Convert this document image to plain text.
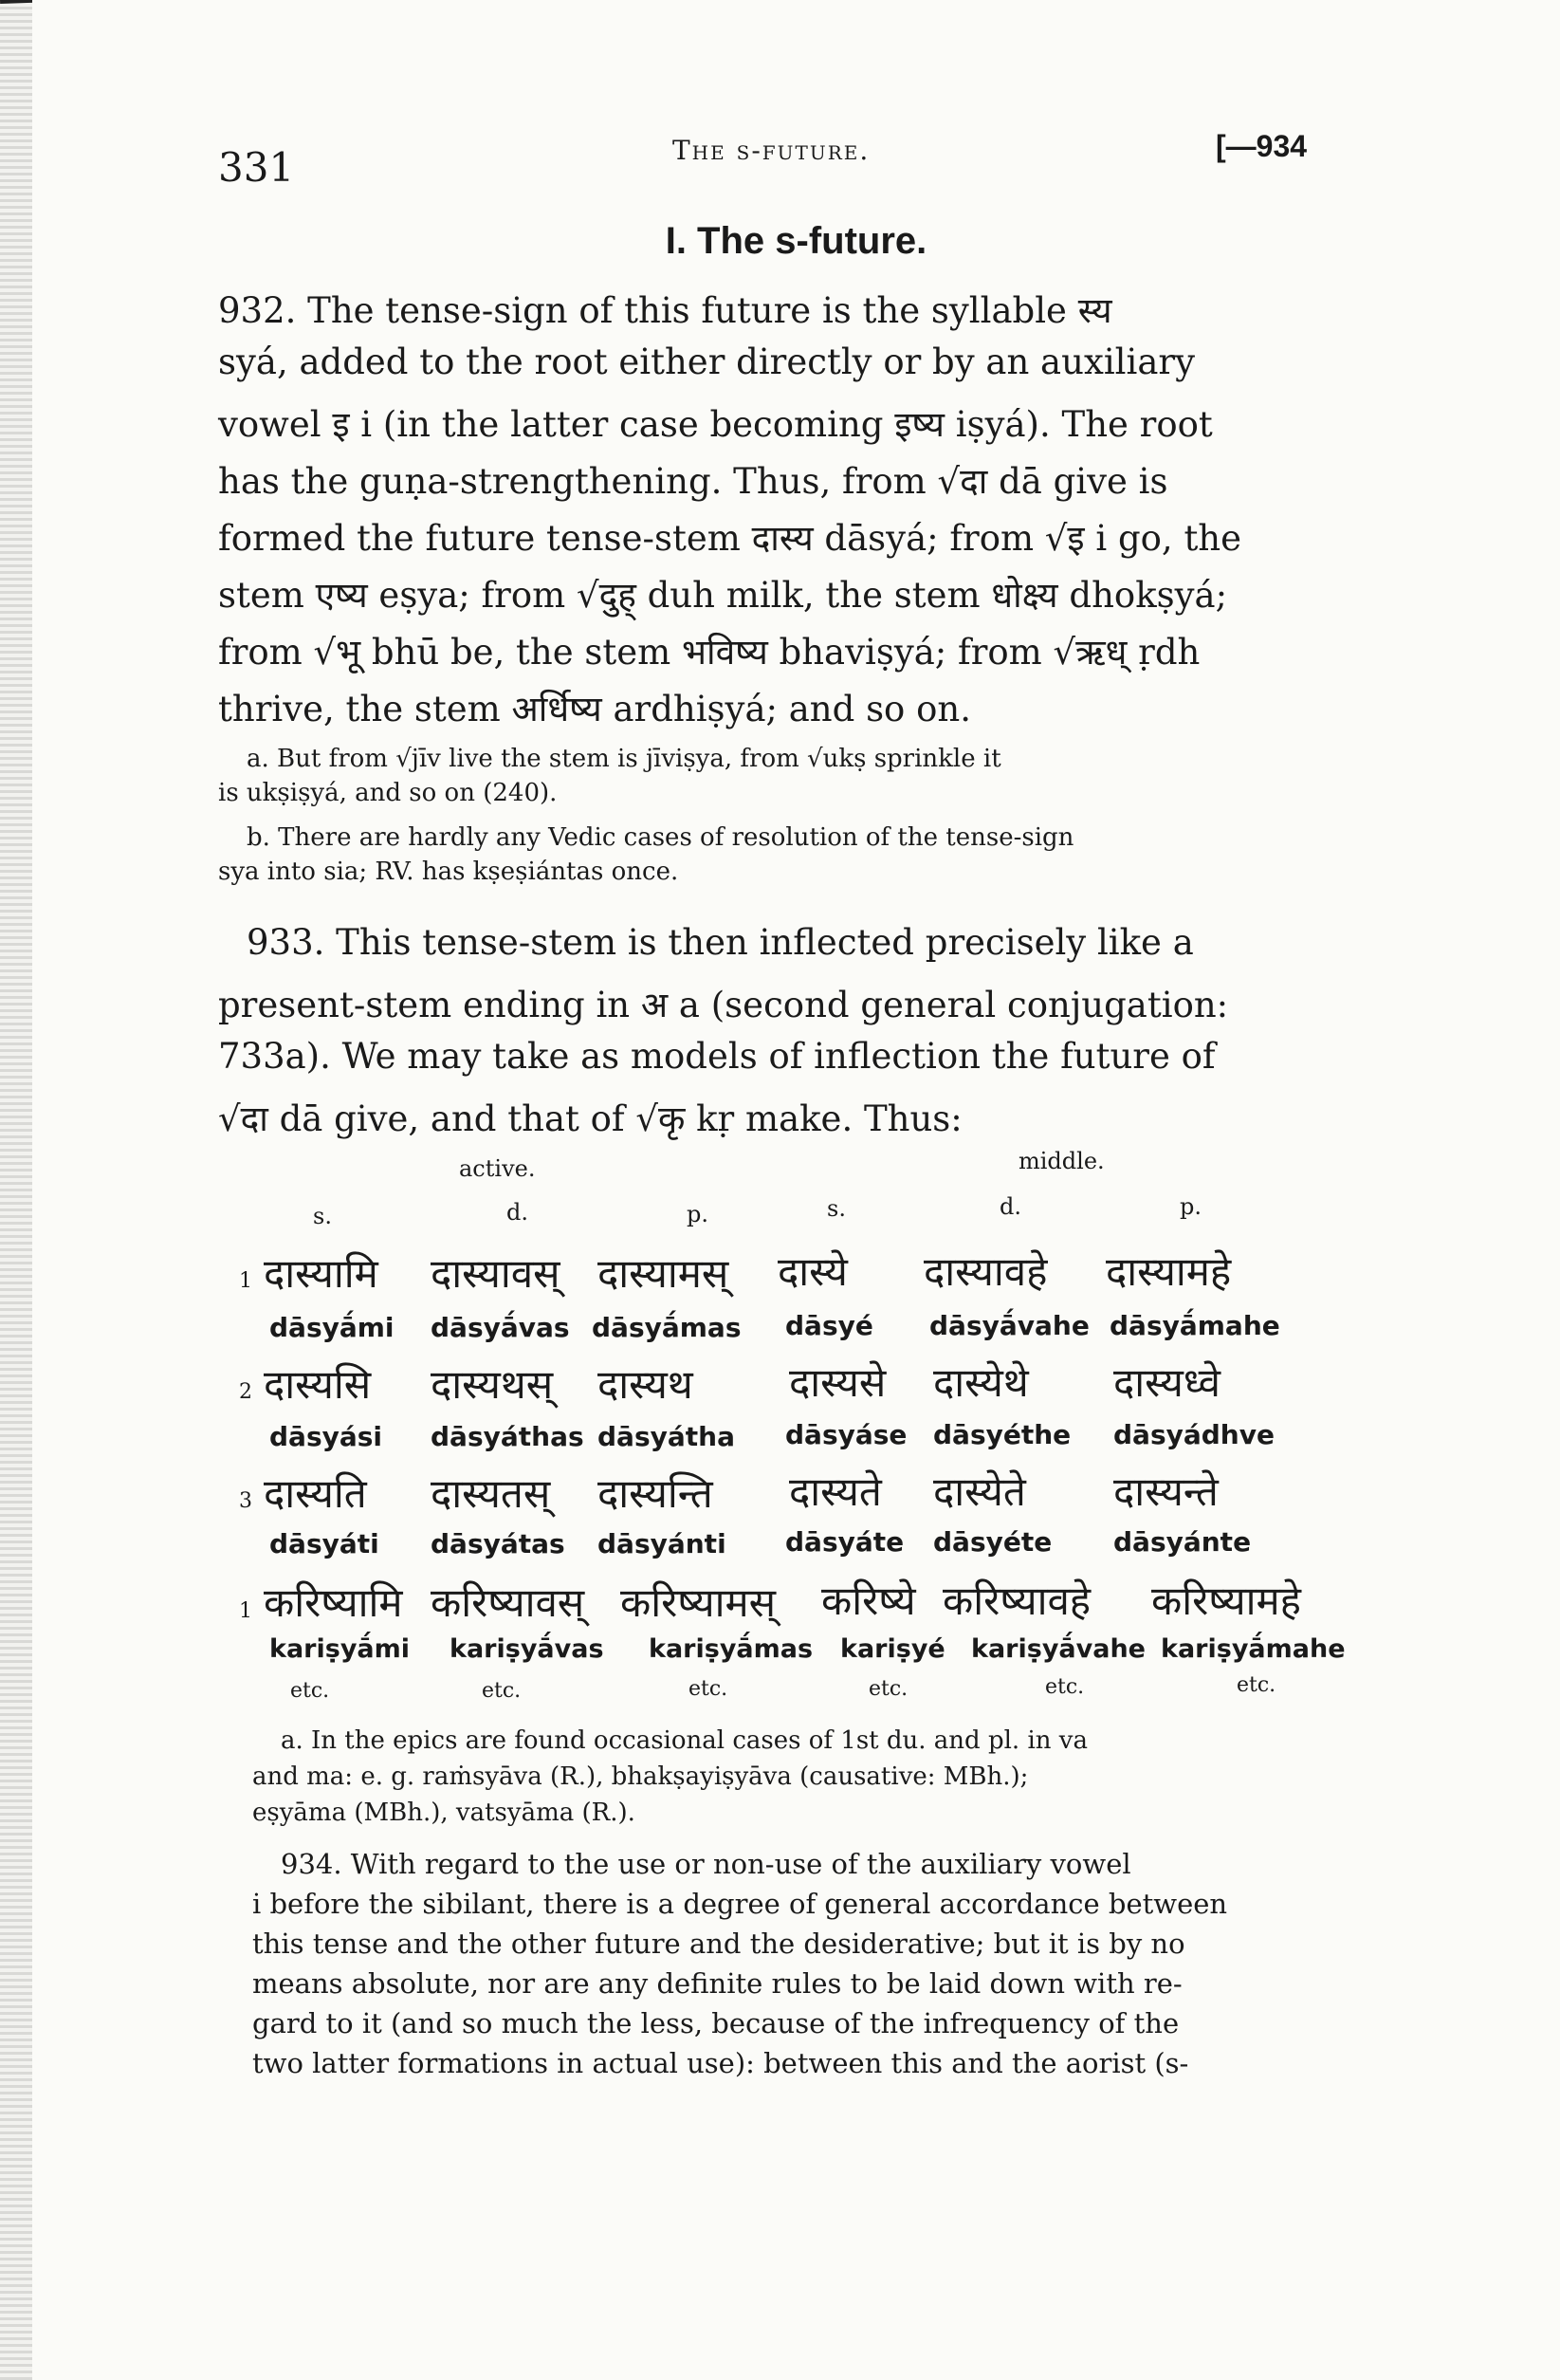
331	The s-future.	[—934
I. The s-future.
932. The tense-sign of this future is the syllable स्य
syá, added to the root either directly or by an auxiliary
vowel इ i (in the latter case becoming इष्य iṣyá). The root
has the guṇa-strengthening. Thus, from √दा dā give is
formed the future tense-stem दास्य dāsyá; from √इ i go, the
stem एष्य eṣya; from √दुह् duh milk, the stem धोक्ष्य dhokṣyá;
from √भू bhū be, the stem भविष्य bhaviṣyá; from √ऋध् ṛdh
thrive, the stem अर्धिष्य ardhiṣyá; and so on.
a. But from √jīv live the stem is jīviṣya, from √ukṣ sprinkle it
is ukṣiṣyá, and so on (240).
b. There are hardly any Vedic cases of resolution of the tense-sign
sya into sia; RV. has kṣeṣiántas once.
933. This tense-stem is then inflected precisely like a
present-stem ending in अ a (second general conjugation:
733a). We may take as models of inflection the future of
√दा dā give, and that of √कृ kṛ make. Thus:
active.	middle.
s.	d.	p.	s.	d.	p.
1 दास्यामि दास्यावस् दास्यामस् दास्ये दास्यावहे दास्यामहे
dāsyā́mi dāsyā́vas dāsyā́mas dāsyé dāsyā́vahe dāsyā́mahe
2 दास्यसि दास्यथस् दास्यथ दास्यसे दास्येथे दास्यध्वे
dāsyási dāsyáthas dāsyátha dāsyáse dāsyéthe dāsyádhve
3 दास्यति दास्यतस् दास्यन्ति दास्यते दास्येते दास्यन्ते
dāsyáti dāsyátas dāsyánti dāsyáte dāsyéte dāsyánte
1 करिष्यामि करिष्यावस् करिष्यामस् करिष्ये करिष्यावहे करिष्यामहे
kariṣyā́mi kariṣyā́vas kariṣyā́mas kariṣyé kariṣyā́vahe kariṣyā́mahe
etc.	etc.	etc.	etc.	etc.	etc.
a. In the epics are found occasional cases of 1st du. and pl. in va
and ma: e. g. raṁsyāva (R.), bhakṣayiṣyāva (causative: MBh.);
eṣyāma (MBh.), vatsyāma (R.).
934. With regard to the use or non-use of the auxiliary vowel
i before the sibilant, there is a degree of general accordance between
this tense and the other future and the desiderative; but it is by no
means absolute, nor are any definite rules to be laid down with re-
gard to it (and so much the less, because of the infrequency of the
two latter formations in actual use): between this and the aorist (s-
